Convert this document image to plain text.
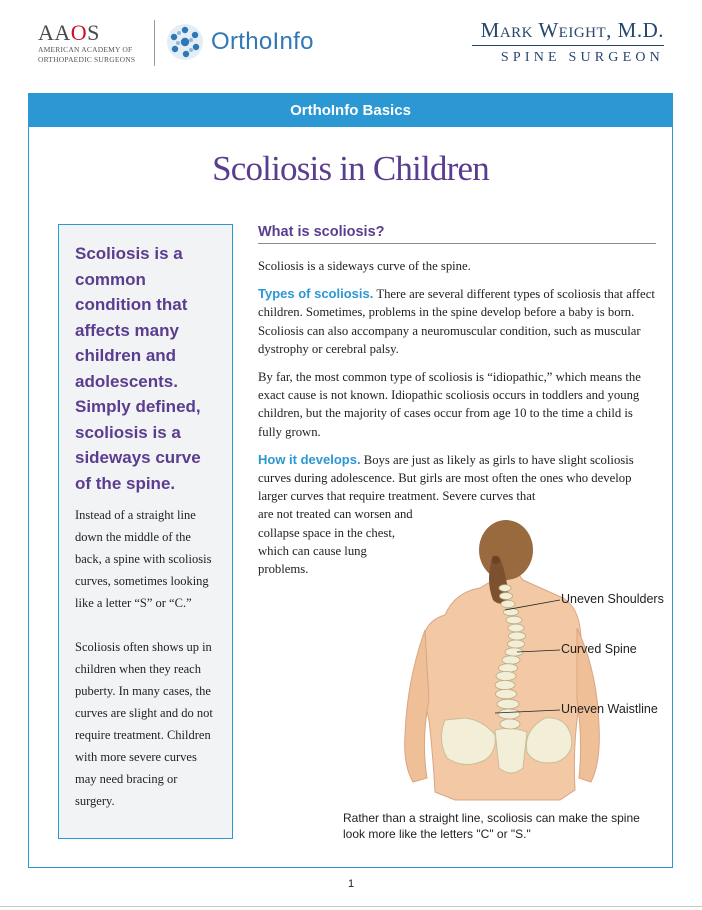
AAOS
AMERICAN ACADEMY OF
ORTHOPAEDIC SURGEONS
OrthoInfo	Mark Weight, M.D.
SPINE SURGEON
OrthoInfo Basics
Scoliosis in Children
Scoliosis is a common condition that affects many children and adolescents. Simply defined, scoliosis is a sideways curve of the spine.

Instead of a straight line down the middle of the back, a spine with scoliosis curves, sometimes looking like a letter “S” or “C.”

Scoliosis often shows up in children when they reach puberty. In many cases, the curves are slight and do not require treatment. Children with more severe curves may need bracing or surgery.

What is scoliosis?

Scoliosis is a sideways curve of the spine.

Types of scoliosis. There are several different types of scoliosis that affect children. Sometimes, problems in the spine develop before a baby is born. Scoliosis can also accompany a neuromuscular condition, such as muscular dystrophy or cerebral palsy.

By far, the most common type of scoliosis is “idiopathic,” which means the exact cause is not known. Idiopathic scoliosis occurs in toddlers and young children, but the majority of cases occur from age 10 to the time a child is fully grown.

How it develops. Boys are just as likely as girls to have slight scoliosis curves during adolescence. But girls are most often the ones who develop larger curves that require treatment. Severe curves that

are not treated can worsen and collapse space in the chest, which can cause lung problems.

Uneven Shoulders
Curved Spine
Uneven Waistline
Rather than a straight line, scoliosis can make the spine look more like the letters "C" or "S."
1
